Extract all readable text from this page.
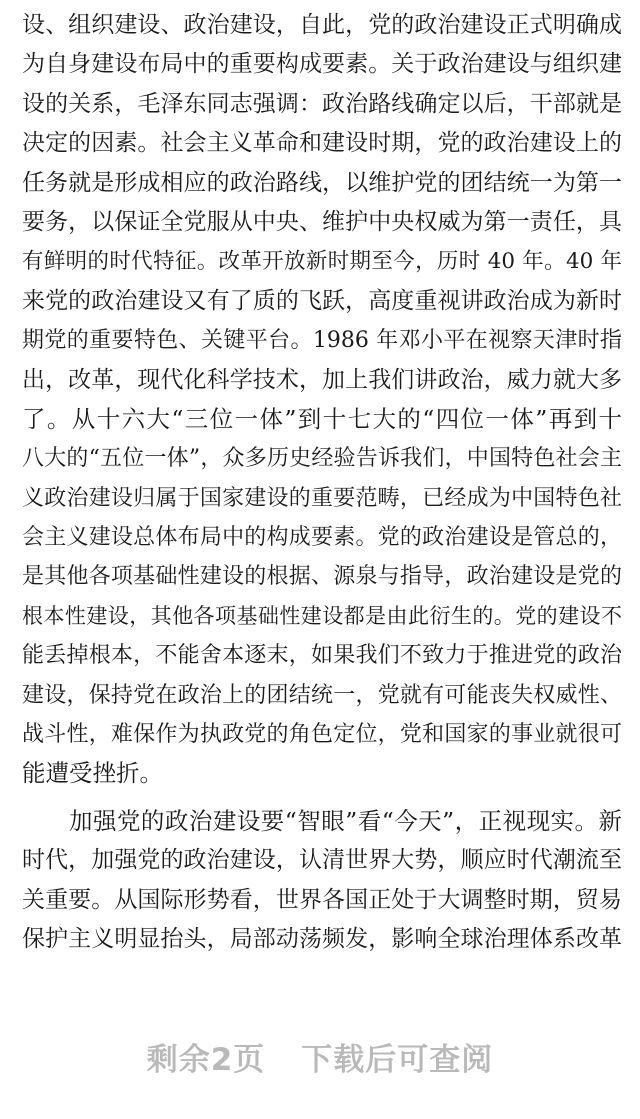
设、组织建设、政治建设，自此，党的政治建设正式明确成
为自身建设布局中的重要构成要素。关于政治建设与组织建
设的关系，毛泽东同志强调：政治路线确定以后，干部就是
决定的因素。社会主义革命和建设时期，党的政治建设上的
任务就是形成相应的政治路线，以维护党的团结统一为第一
要务，以保证全党服从中央、维护中央权威为第一责任，具
有鲜明的时代特征。改革开放新时期至今，历时 40 年。40 年
来党的政治建设又有了质的飞跃，高度重视讲政治成为新时
期党的重要特色、关键平台。1986 年邓小平在视察天津时指
出，改革，现代化科学技术，加上我们讲政治，威力就大多
了。从十六大“三位一体”到十七大的“四位一体”再到十
八大的“五位一体”，众多历史经验告诉我们，中国特色社会主
义政治建设归属于国家建设的重要范畴，已经成为中国特色社
会主义建设总体布局中的构成要素。党的政治建设是管总的，
是其他各项基础性建设的根据、源泉与指导，政治建设是党的
根本性建设，其他各项基础性建设都是由此衍生的。党的建设不
能丢掉根本，不能舍本逐末，如果我们不致力于推进党的政治
建设，保持党在政治上的团结统一，党就有可能丧失权威性、
战斗性，难保作为执政党的角色定位，党和国家的事业就很可
能遭受挫折。
加强党的政治建设要“智眼”看“今天”，正视现实。新
时代，加强党的政治建设，认清世界大势，顺应时代潮流至
关重要。从国际形势看，世界各国正处于大调整时期，贸易
保护主义明显抬头，局部动荡频发，影响全球治理体系改革
剩余2页 下载后可查阅
